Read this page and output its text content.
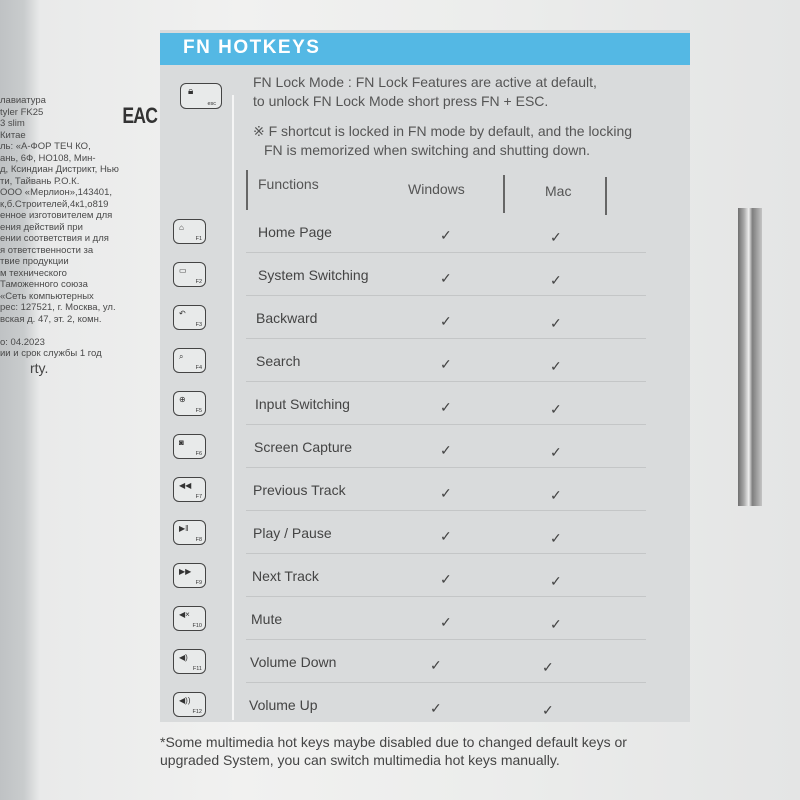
лавиатура
tyler FK25
3 slim
Китае
ль: «А-ФОР ТЕЧ КО,
ань, 6Ф, НО108, Мин-
д, Ксиндиан Дистрикт, Нью
ти, Тайвань Р.О.К.
ООО «Мерлион»,143401,
к,б.Строителей,4к1,о819
енное изготовителем для
ения действий при
ении соответствия и для
я ответственности за
твие продукции
м технического
Таможенного союза
«Сеть компьютерных
рес: 127521, г. Москва, ул.
вская д. 47, эт. 2, комн.

о: 04.2023
ии и срок службы 1 год
EAC
rty.
FN HOTKEYS
🔒︎
esc
FN Lock Mode : FN Lock Features are active at default,
to unlock FN Lock Mode short press FN + ESC.
※ F shortcut is locked in FN mode by default, and the locking
FN is memorized when switching and shutting down.
Functions	Windows	Mac
⌂
F1	Home Page	✓	✓
▭
F2	System Switching	✓	✓
↶
F3	Backward	✓	✓
⌕
F4	Search	✓	✓
⊕
F5	Input Switching	✓	✓
◙
F6	Screen Capture	✓	✓
◀◀
F7	Previous Track	✓	✓
▶‖
F8	Play / Pause	✓	✓
▶▶
F9	Next Track	✓	✓
◀×
F10	Mute	✓	✓
◀)
F11	Volume Down	✓	✓
◀))
F12	Volume Up	✓	✓
*Some multimedia hot keys maybe disabled due to changed default keys or
upgraded System, you can switch multimedia hot keys manually.
